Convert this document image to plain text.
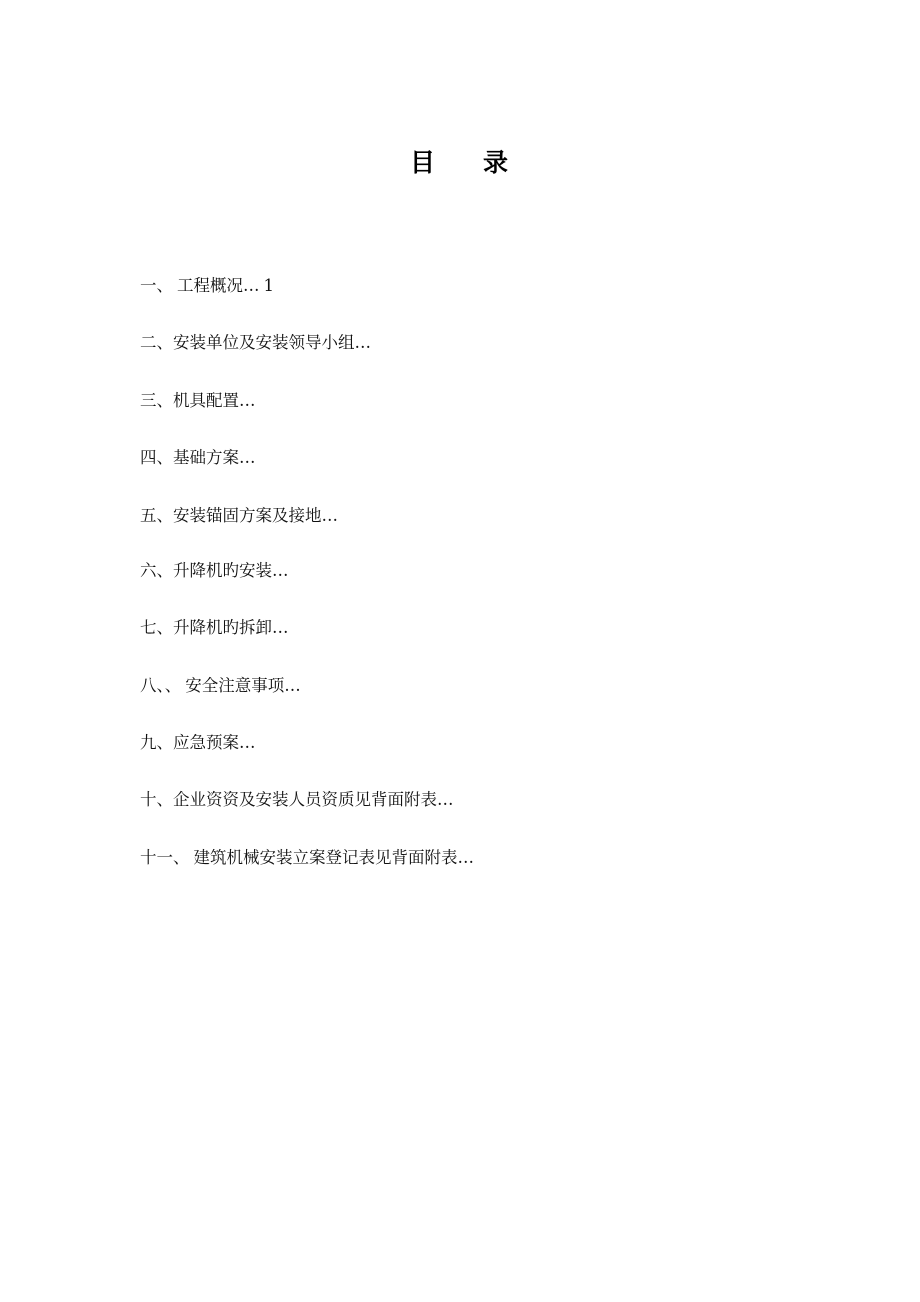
目 录
一、 工程概况… 1
二、安装单位及安装领导小组…
三、机具配置…
四、基础方案…
五、安装锚固方案及接地…
六、升降机旳安装…
七、升降机旳拆卸…
八、、 安全注意事项…
九、应急预案…
十、企业资资及安装人员资质见背面附表…
十一、 建筑机械安装立案登记表见背面附表…
